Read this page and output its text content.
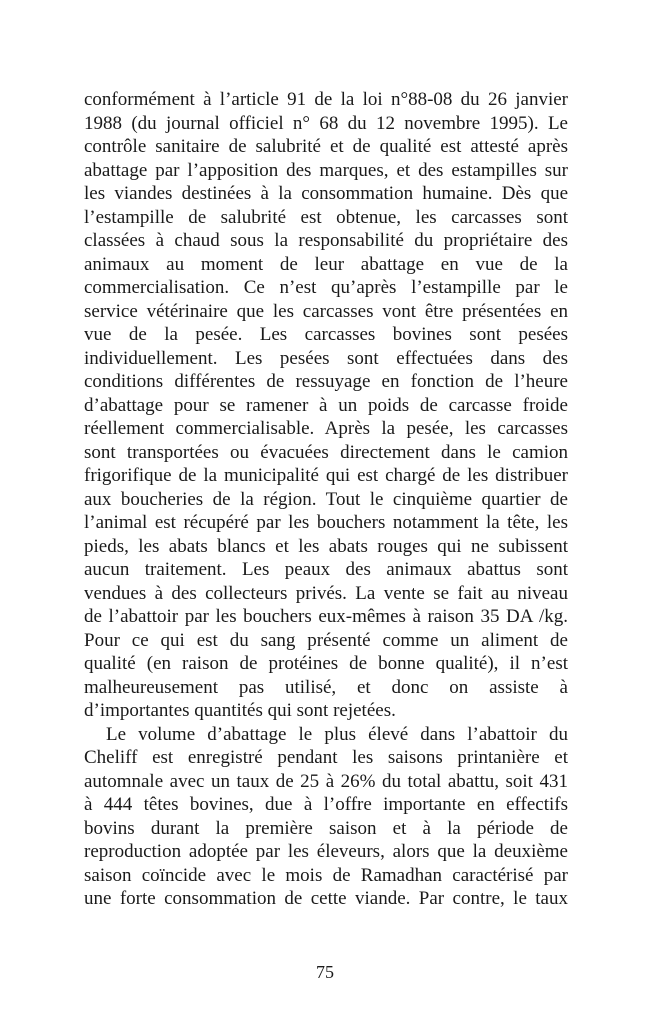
conformément à l’article 91 de la loi n°88-08 du 26 janvier
1988 (du journal officiel n° 68 du 12 novembre 1995). Le
contrôle sanitaire de salubrité et de qualité est attesté après
abattage par l’apposition des marques, et des estampilles sur
les viandes destinées à la consommation humaine. Dès que
l’estampille de salubrité est obtenue, les carcasses sont
classées à chaud sous la responsabilité du propriétaire des
animaux au moment de leur abattage en vue de la
commercialisation. Ce n’est qu’après l’estampille par le
service vétérinaire que les carcasses vont être présentées en
vue de la pesée. Les carcasses bovines sont pesées
individuellement. Les pesées sont effectuées dans des
conditions différentes de ressuyage en fonction de l’heure
d’abattage pour se ramener à un poids de carcasse froide
réellement commercialisable. Après la pesée, les carcasses
sont transportées ou évacuées directement dans le camion
frigorifique de la municipalité qui est chargé de les distribuer
aux boucheries de la région. Tout le cinquième quartier de
l’animal est récupéré par les bouchers notamment la tête, les
pieds, les abats blancs et les abats rouges qui ne subissent
aucun traitement. Les peaux des animaux abattus sont
vendues à des collecteurs privés. La vente se fait au niveau
de l’abattoir par les bouchers eux-mêmes à raison 35 DA /kg.
Pour ce qui est du sang présenté comme un aliment de
qualité (en raison de protéines de bonne qualité), il n’est
malheureusement pas utilisé, et donc on assiste à
d’importantes quantités qui sont rejetées.

Le volume d’abattage le plus élevé dans l’abattoir du
Cheliff est enregistré pendant les saisons printanière et
automnale avec un taux de 25 à 26% du total abattu, soit 431
à 444 têtes bovines, due à l’offre importante en effectifs
bovins durant la première saison et à la période de
reproduction adoptée par les éleveurs, alors que la deuxième
saison coïncide avec le mois de Ramadhan caractérisé par
une forte consommation de cette viande. Par contre, le taux

75
